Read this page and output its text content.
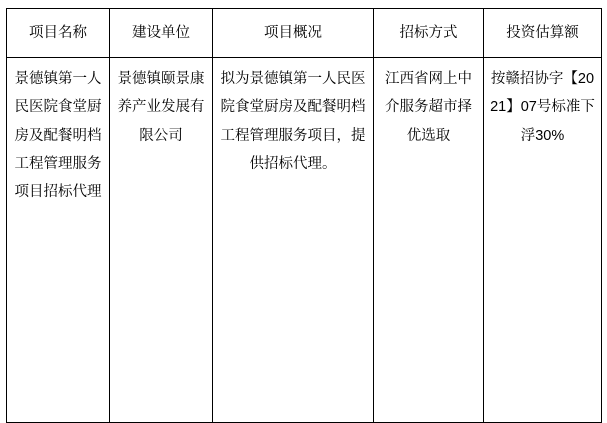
项目名称	建设单位	项目概况	招标方式	投资估算额

景德镇第一人民医院食堂厨房及配餐明档工程管理服务项目招标代理	景德镇颐景康养产业发展有限公司	拟为景德镇第一人民医院食堂厨房及配餐明档工程管理服务项目，提供招标代理。	江西省网上中介服务超市择优选取	按赣招协字【2021】07号标准下浮30%
